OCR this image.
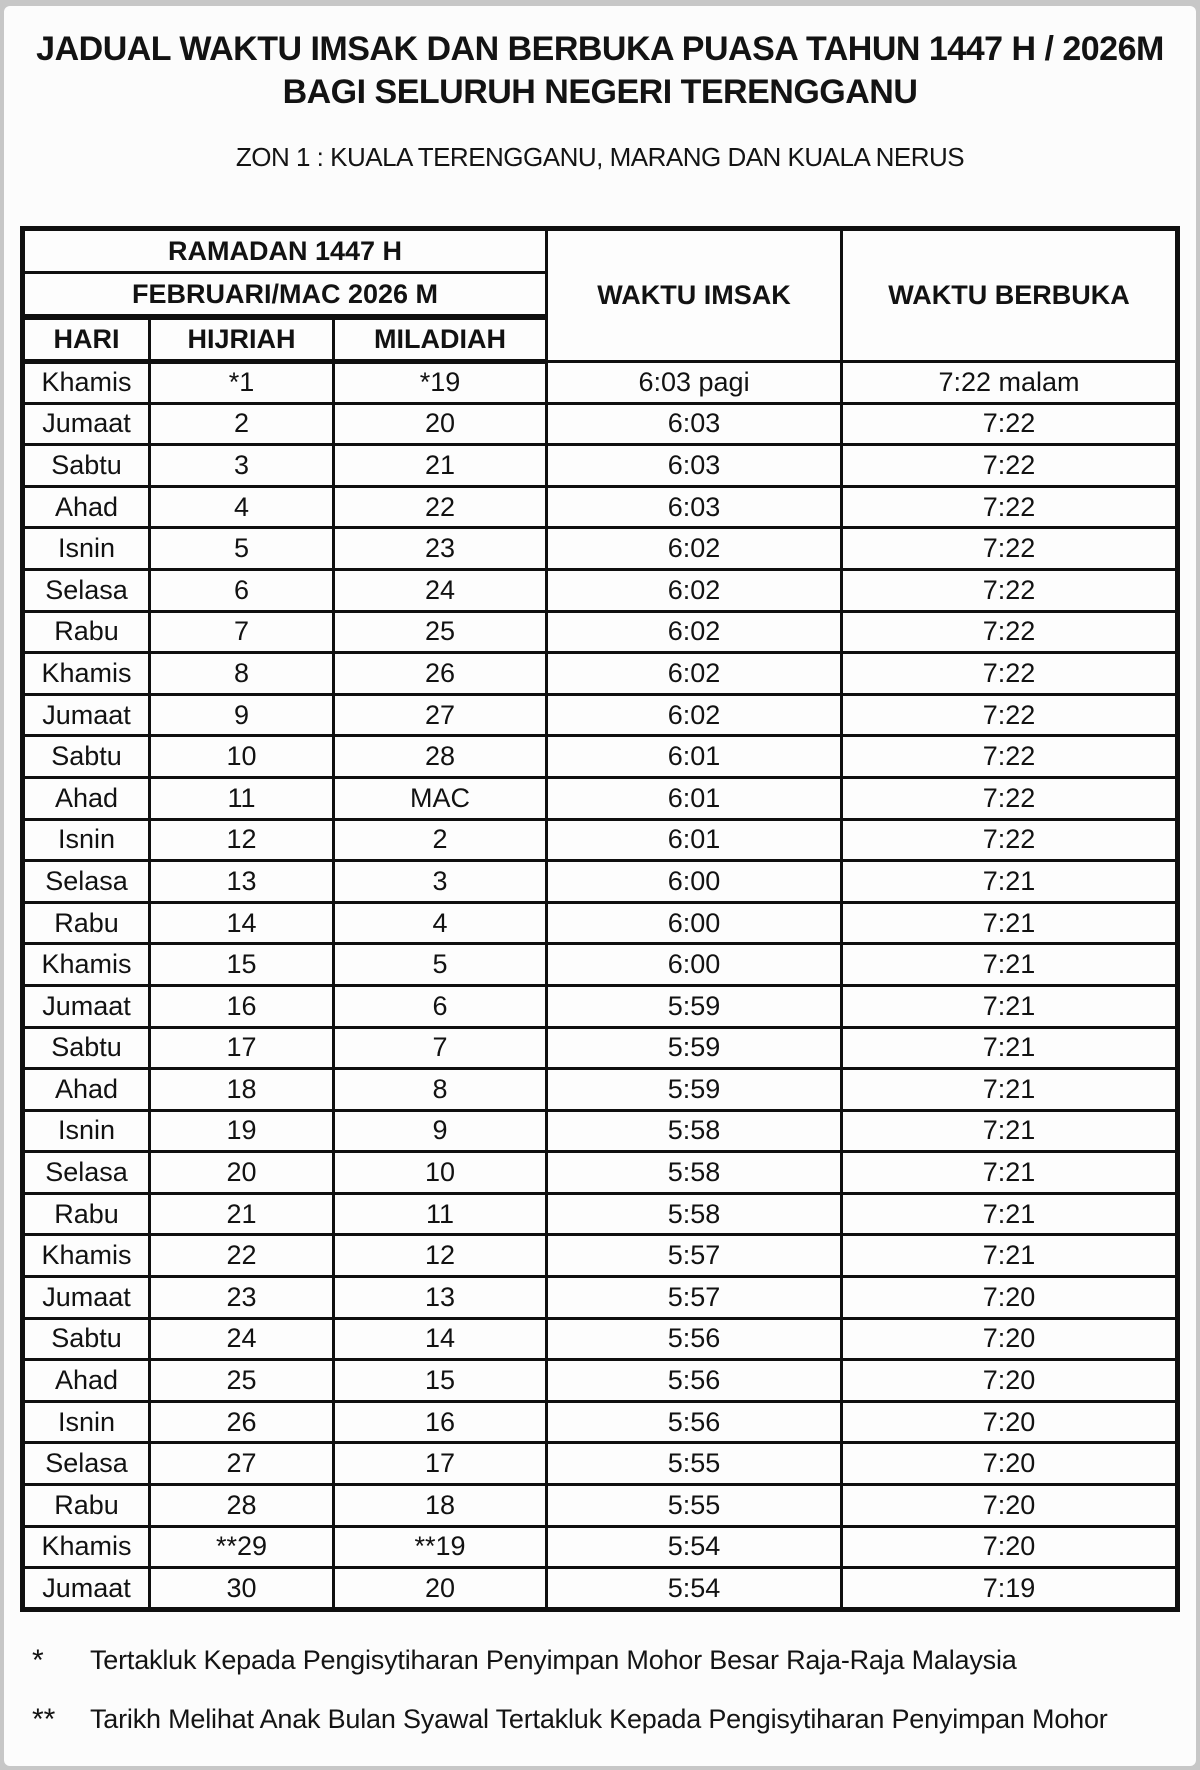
JADUAL WAKTU IMSAK DAN BERBUKA PUASA TAHUN 1447 H / 2026M
BAGI SELURUH NEGERI TERENGGANU
ZON 1 : KUALA TERENGGANU, MARANG DAN KUALA NERUS
RAMADAN 1447 H			WAKTU IMSAK	WAKTU BERBUKA
FEBRUARI/MAC 2026 M				
HARI	HIJRIAH	MILADIAH		
Khamis	*1	*19	6:03 pagi	7:22 malam
Jumaat	2	20	6:03	7:22
Sabtu	3	21	6:03	7:22
Ahad	4	22	6:03	7:22
Isnin	5	23	6:02	7:22
Selasa	6	24	6:02	7:22
Rabu	7	25	6:02	7:22
Khamis	8	26	6:02	7:22
Jumaat	9	27	6:02	7:22
Sabtu	10	28	6:01	7:22
Ahad	11	MAC	6:01	7:22
Isnin	12	2	6:01	7:22
Selasa	13	3	6:00	7:21
Rabu	14	4	6:00	7:21
Khamis	15	5	6:00	7:21
Jumaat	16	6	5:59	7:21
Sabtu	17	7	5:59	7:21
Ahad	18	8	5:59	7:21
Isnin	19	9	5:58	7:21
Selasa	20	10	5:58	7:21
Rabu	21	11	5:58	7:21
Khamis	22	12	5:57	7:21
Jumaat	23	13	5:57	7:20
Sabtu	24	14	5:56	7:20
Ahad	25	15	5:56	7:20
Isnin	26	16	5:56	7:20
Selasa	27	17	5:55	7:20
Rabu	28	18	5:55	7:20
Khamis	**29	**19	5:54	7:20
Jumaat	30	20	5:54	7:19
*	Tertakluk Kepada Pengisytiharan Penyimpan Mohor Besar Raja-Raja Malaysia
**	Tarikh Melihat Anak Bulan Syawal Tertakluk Kepada Pengisytiharan Penyimpan Mohor
